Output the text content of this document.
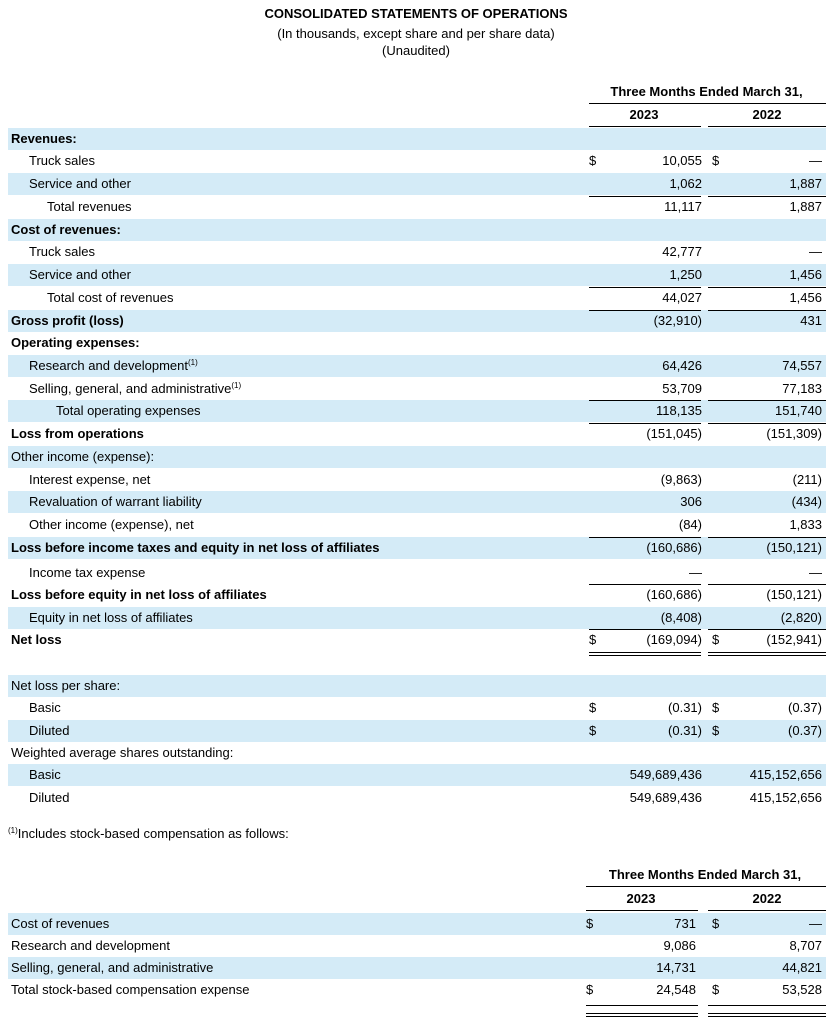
CONSOLIDATED STATEMENTS OF OPERATIONS
(In thousands, except share and per share data)
(Unaudited)
Three Months Ended March 31,
2023	2022
Revenues:
Truck sales	$	10,055 $	—
Service and other	1,062	1,887
Total revenues	11,117	1,887
Cost of revenues:
Truck sales	42,777	—
Service and other	1,250	1,456
Total cost of revenues	44,027	1,456
Gross profit (loss)	(32,910)	431
Operating expenses:
Research and development$^{(1)}$	64,426	74,557
Selling, general, and administrative$^{(1)}$	53,709	77,183
Total operating expenses	118,135	151,740
Loss from operations	(151,045)	(151,309)
Other income (expense):
Interest expense, net	(9,863)	(211)
Revaluation of warrant liability	306	(434)
Other income (expense), net	(84)	1,833
Loss before income taxes and equity in net loss of affiliates	(160,686)	(150,121)
Income tax expense	—	—
Loss before equity in net loss of affiliates	(160,686)	(150,121)
Equity in net loss of affiliates	(8,408)	(2,820)
Net loss	$	(169,094) $	(152,941)
Net loss per share:
Basic	$	(0.31) $	(0.37)
Diluted	$	(0.31) $	(0.37)
Weighted average shares outstanding:
Basic	549,689,436	415,152,656
Diluted	549,689,436	415,152,656
$^{(1)}$Includes stock-based compensation as follows:
Three Months Ended March 31,
2023	2022
Cost of revenues	$	731 $	—
Research and development	9,086	8,707
Selling, general, and administrative	14,731	44,821
Total stock-based compensation expense	$	24,548 $	53,528
